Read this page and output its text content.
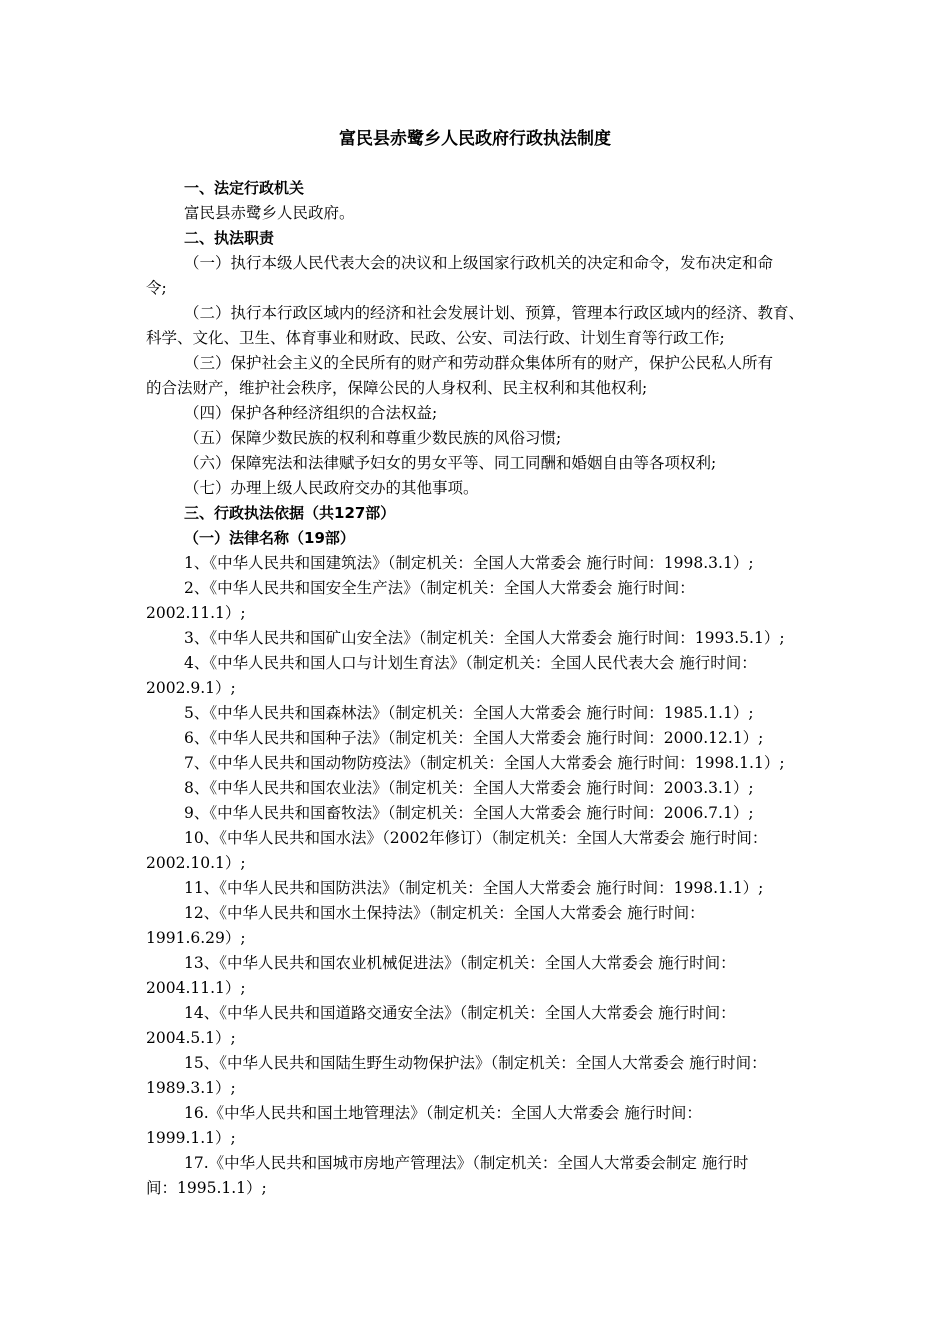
富民县赤鹭乡人民政府行政执法制度
一、法定行政机关
富民县赤鹭乡人民政府。
二、执法职责
（一）执行本级人民代表大会的决议和上级国家行政机关的决定和命令，发布决定和命
令;
（二）执行本行政区域内的经济和社会发展计划、预算，管理本行政区域内的经济、教育、
科学、文化、卫生、体育事业和财政、民政、公安、司法行政、计划生育等行政工作;
（三）保护社会主义的全民所有的财产和劳动群众集体所有的财产，保护公民私人所有
的合法财产，维护社会秩序，保障公民的人身权利、民主权利和其他权利;
（四）保护各种经济组织的合法权益;
（五）保障少数民族的权利和尊重少数民族的风俗习惯;
（六）保障宪法和法律赋予妇女的男女平等、同工同酬和婚姻自由等各项权利;
（七）办理上级人民政府交办的其他事项。
三、行政执法依据（共127部）
（一）法律名称（19部）
1、《中华人民共和国建筑法》（制定机关：全国人大常委会 施行时间：1998.3.1）;
2、《中华人民共和国安全生产法》（制定机关：全国人大常委会 施行时间：
2002.11.1）;
3、《中华人民共和国矿山安全法》（制定机关：全国人大常委会 施行时间：1993.5.1）;
4、《中华人民共和国人口与计划生育法》（制定机关：全国人民代表大会 施行时间：
2002.9.1）;
5、《中华人民共和国森林法》（制定机关：全国人大常委会 施行时间：1985.1.1）;
6、《中华人民共和国种子法》（制定机关：全国人大常委会 施行时间：2000.12.1）;
7、《中华人民共和国动物防疫法》（制定机关：全国人大常委会 施行时间：1998.1.1）;
8、《中华人民共和国农业法》（制定机关：全国人大常委会 施行时间：2003.3.1）;
9、《中华人民共和国畜牧法》（制定机关：全国人大常委会 施行时间：2006.7.1）;
10、《中华人民共和国水法》（2002年修订）（制定机关：全国人大常委会 施行时间：
2002.10.1）;
11、《中华人民共和国防洪法》（制定机关：全国人大常委会 施行时间：1998.1.1）;
12、《中华人民共和国水土保持法》（制定机关：全国人大常委会 施行时间：
1991.6.29）;
13、《中华人民共和国农业机械促进法》（制定机关：全国人大常委会 施行时间：
2004.11.1）;
14、《中华人民共和国道路交通安全法》（制定机关：全国人大常委会 施行时间：
2004.5.1）;
15、《中华人民共和国陆生野生动物保护法》（制定机关：全国人大常委会 施行时间：
1989.3.1）;
16.《中华人民共和国土地管理法》（制定机关：全国人大常委会 施行时间：
1999.1.1）;
17.《中华人民共和国城市房地产管理法》（制定机关：全国人大常委会制定 施行时
间：1995.1.1）;
